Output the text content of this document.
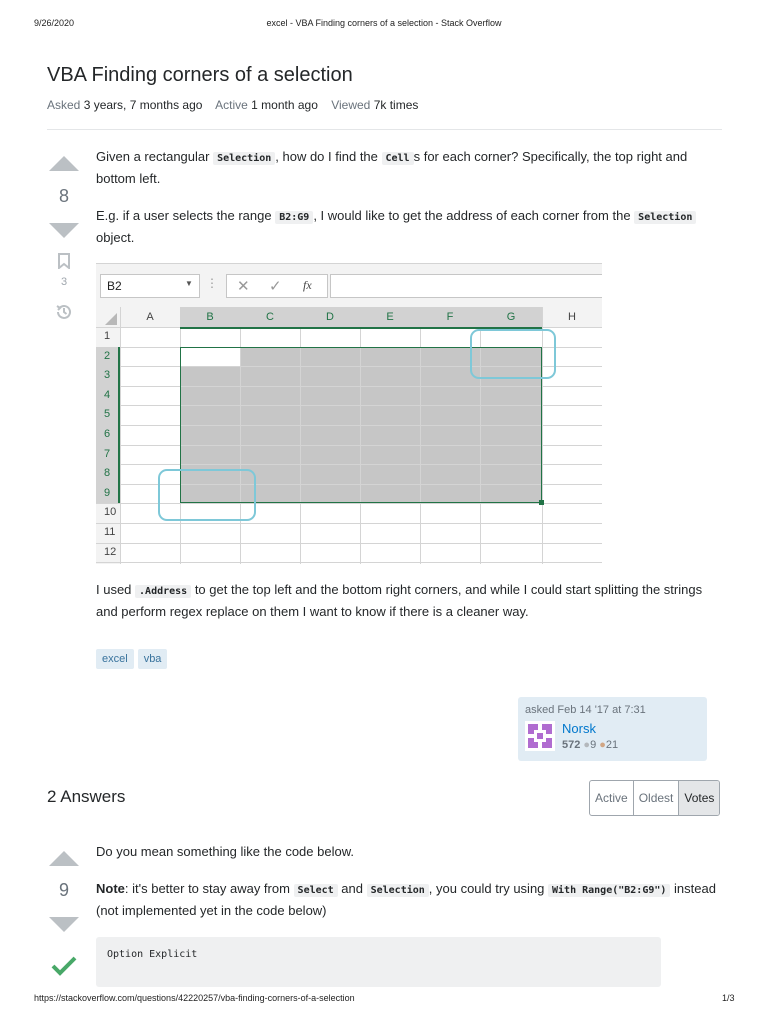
9/26/2020	excel - VBA Finding corners of a selection - Stack Overflow
VBA Finding corners of a selection
Asked 3 years, 7 months ago Active 1 month ago Viewed 7k times
8
3
Given a rectangular Selection , how do I find the Cell s for each corner? Specifically, the top right and bottom left.
E.g. if a user selects the range B2:G9 , I would like to get the address of each corner from the Selection object.
B2	▼ ⋮ ✕ ✓ fx
A	B	C	D	E	F	G	H
1
2
3
4
5
6
7
8
9
10
11
12
I used .Address to get the top left and the bottom right corners, and while I could start splitting the strings and perform regex replace on them I want to know if there is a cleaner way.
excel	vba
asked Feb 14 '17 at 7:31
Norsk
572 ●9 ●21
2 Answers	Active Oldest Votes
9
Do you mean something like the code below.
Note: it's better to stay away from Select and Selection , you could try using With Range("B2:G9") instead (not implemented yet in the code below)
Option Explicit
https://stackoverflow.com/questions/42220257/vba-finding-corners-of-a-selection	1/3
